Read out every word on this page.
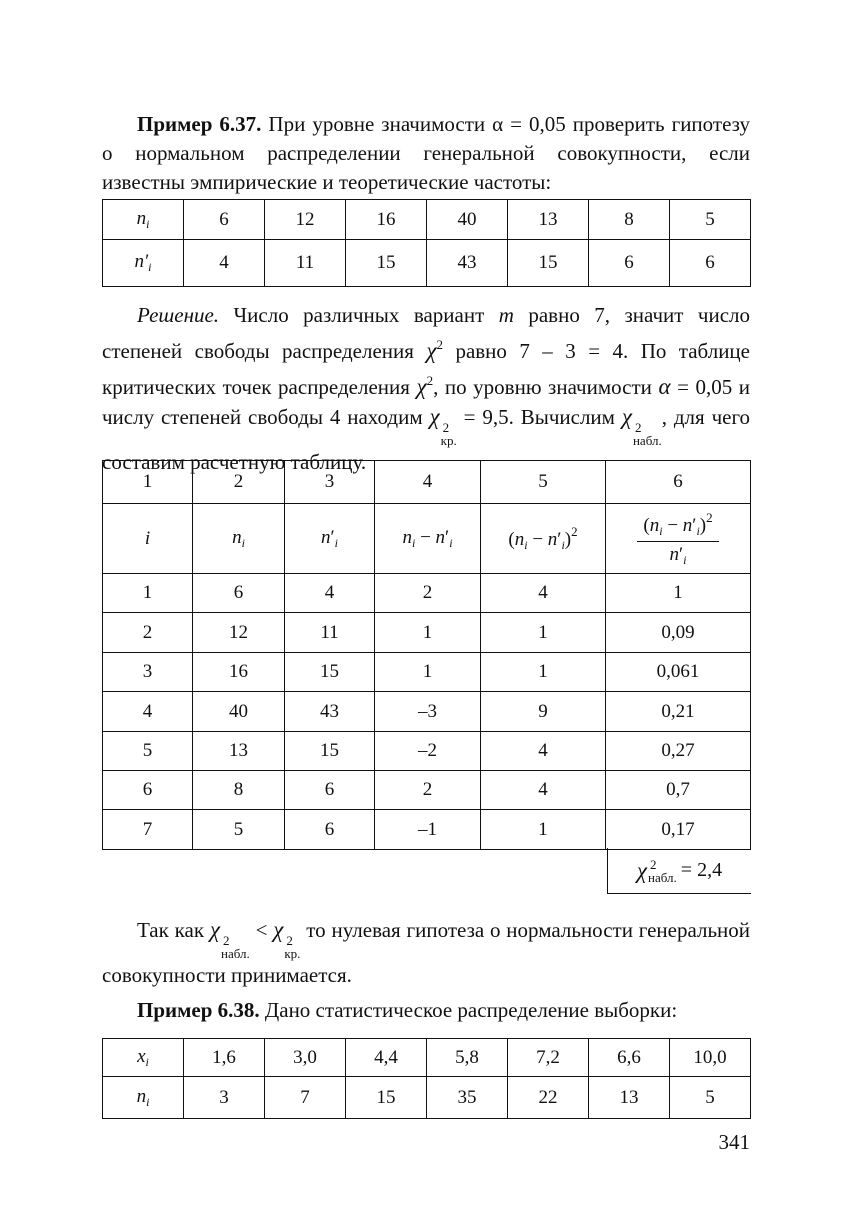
Пример 6.37. При уровне значимости α = 0,05 проверить гипотезу о нормальном распределении генеральной совокупности, если известны эмпирические и теоретические частоты:

$n_i$	6	12	16	40	13	8	5
$n'_i$	4	11	15	43	15	6	6

Решение. Число различных вариант m равно 7, значит число степеней свободы распределения $\chi^2$ равно 7 – 3 = 4. По таблице критических точек распределения $\chi^2$, по уровню значимости α = 0,05 и числу степеней свободы 4 находим χ 2
кр.
= 9,5. Вычислим χ 2
набл.
, для чего составим расчетную таблицу.

1	2	3	4	5	6
i	$n_i$	$n'_i$	$n_i - n'_i$	$(n_i - n'_i)^2$	$\frac{(n_i - n'_i)^2}{n'_i}$

1	6	4	2	4	1
2	12	11	1	1	0,09
3	16	15	1	1	0,061
4	40	43	–3	9	0,21
5	13	15	–2	4	0,27
6	8	6	2	4	0,7
7	5	6	–1	1	0,17
χ 2
набл. = 2,4

Так как χ 2
набл.
< χ 2
кр.
то нулевая гипотеза о нормальности генеральной совокупности принимается.

Пример 6.38. Дано статистическое распределение выборки:

$x_i$	1,6	3,0	4,4	5,8	7,2	6,6	10,0
$n_i$	3	7	15	35	22	13	5
341
